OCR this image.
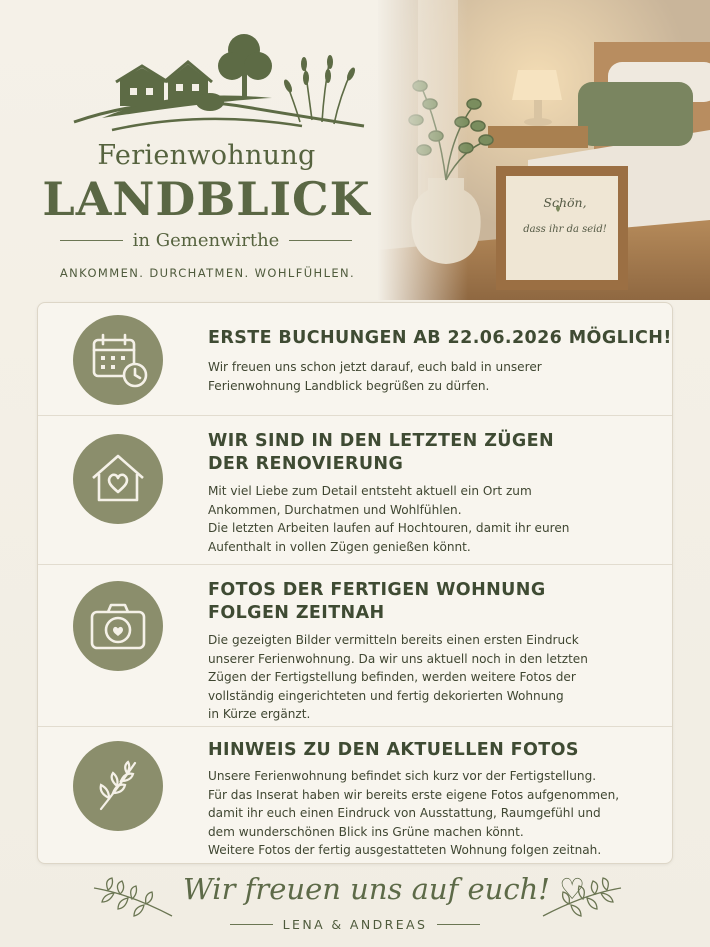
Ferienwohnung
LANDBLICK
in Gemenwirthe
ANKOMMEN. DURCHATMEN. WOHLFÜHLEN.
Schön,
dass ihr da seid!
ERSTE BUCHUNGEN AB 22.06.2026 MÖGLICH!
Wir freuen uns schon jetzt darauf, euch bald in unserer
Ferienwohnung Landblick begrüßen zu dürfen.
WIR SIND IN DEN LETZTEN ZÜGEN
DER RENOVIERUNG
Mit viel Liebe zum Detail entsteht aktuell ein Ort zum
Ankommen, Durchatmen und Wohlfühlen.
Die letzten Arbeiten laufen auf Hochtouren, damit ihr euren
Aufenthalt in vollen Zügen genießen könnt.
FOTOS DER FERTIGEN WOHNUNG
FOLGEN ZEITNAH
Die gezeigten Bilder vermitteln bereits einen ersten Eindruck
unserer Ferienwohnung. Da wir uns aktuell noch in den letzten
Zügen der Fertigstellung befinden, werden weitere Fotos der
vollständig eingerichteten und fertig dekorierten Wohnung
in Kürze ergänzt.
HINWEIS ZU DEN AKTUELLEN FOTOS
Unsere Ferienwohnung befindet sich kurz vor der Fertigstellung.
Für das Inserat haben wir bereits erste eigene Fotos aufgenommen,
damit ihr euch einen Eindruck von Ausstattung, Raumgefühl und
dem wunderschönen Blick ins Grüne machen könnt.
Weitere Fotos der fertig ausgestatteten Wohnung folgen zeitnah.
Wir freuen uns auf euch! ♡
LENA & ANDREAS
